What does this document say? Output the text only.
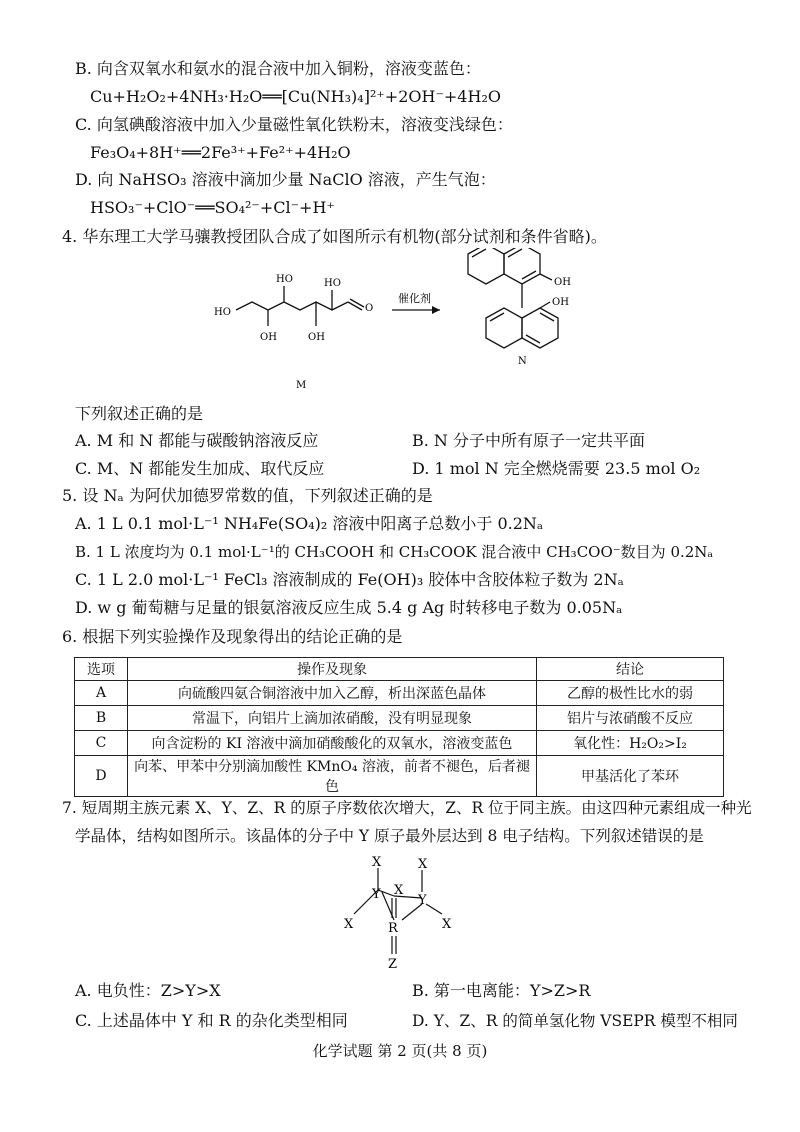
B. 向含双氧水和氨水的混合液中加入铜粉，溶液变蓝色：
Cu+H₂O₂+4NH₃·H₂O══[Cu(NH₃)₄]²⁺+2OH⁻+4H₂O
C. 向氢碘酸溶液中加入少量磁性氧化铁粉末，溶液变浅绿色：
Fe₃O₄+8H⁺══2Fe³⁺+Fe²⁺+4H₂O
D. 向 NaHSO₃ 溶液中滴加少量 NaClO 溶液，产生气泡：
HSO₃⁻+ClO⁻══SO₄²⁻+Cl⁻+H⁺
4. 华东理工大学马骧教授团队合成了如图所示有机物(部分试剂和条件省略)。
HO
HO	HO
OH	OH
O
M
催化剂
OH
OH
N
下列叙述正确的是
A. M 和 N 都能与碳酸钠溶液反应	B. N 分子中所有原子一定共平面
C. M、N 都能发生加成、取代反应	D. 1 mol N 完全燃烧需要 23.5 mol O₂
5. 设 Nₐ 为阿伏加德罗常数的值，下列叙述正确的是
A. 1 L 0.1 mol·L⁻¹ NH₄Fe(SO₄)₂ 溶液中阳离子总数小于 0.2Nₐ
B. 1 L 浓度均为 0.1 mol·L⁻¹的 CH₃COOH 和 CH₃COOK 混合液中 CH₃COO⁻数目为 0.2Nₐ
C. 1 L 2.0 mol·L⁻¹ FeCl₃ 溶液制成的 Fe(OH)₃ 胶体中含胶体粒子数为 2Nₐ
D. w g 葡萄糖与足量的银氨溶液反应生成 5.4 g Ag 时转移电子数为 0.05Nₐ
6. 根据下列实验操作及现象得出的结论正确的是
选项	操作及现象	结论
A	向硫酸四氨合铜溶液中加入乙醇，析出深蓝色晶体	乙醇的极性比水的弱
B	常温下，向铝片上滴加浓硝酸，没有明显现象	铝片与浓硝酸不反应
C	向含淀粉的 KI 溶液中滴加硝酸酸化的双氧水，溶液变蓝色	氧化性：H₂O₂>I₂
D	向苯、甲苯中分别滴加酸性 KMnO₄ 溶液，前者不褪色，后者褪色	甲基活化了苯环
7. 短周期主族元素 X、Y、Z、R 的原子序数依次增大，Z、R 位于同主族。由这四种元素组成一种光
学晶体，结构如图所示。该晶体的分子中 Y 原子最外层达到 8 电子结构。下列叙述错误的是
X	X
Y X
Y
X	X
R
Z
A. 电负性：Z>Y>X	B. 第一电离能：Y>Z>R
C. 上述晶体中 Y 和 R 的杂化类型相同	D. Y、Z、R 的简单氢化物 VSEPR 模型不相同
化学试题 第 2 页(共 8 页)
